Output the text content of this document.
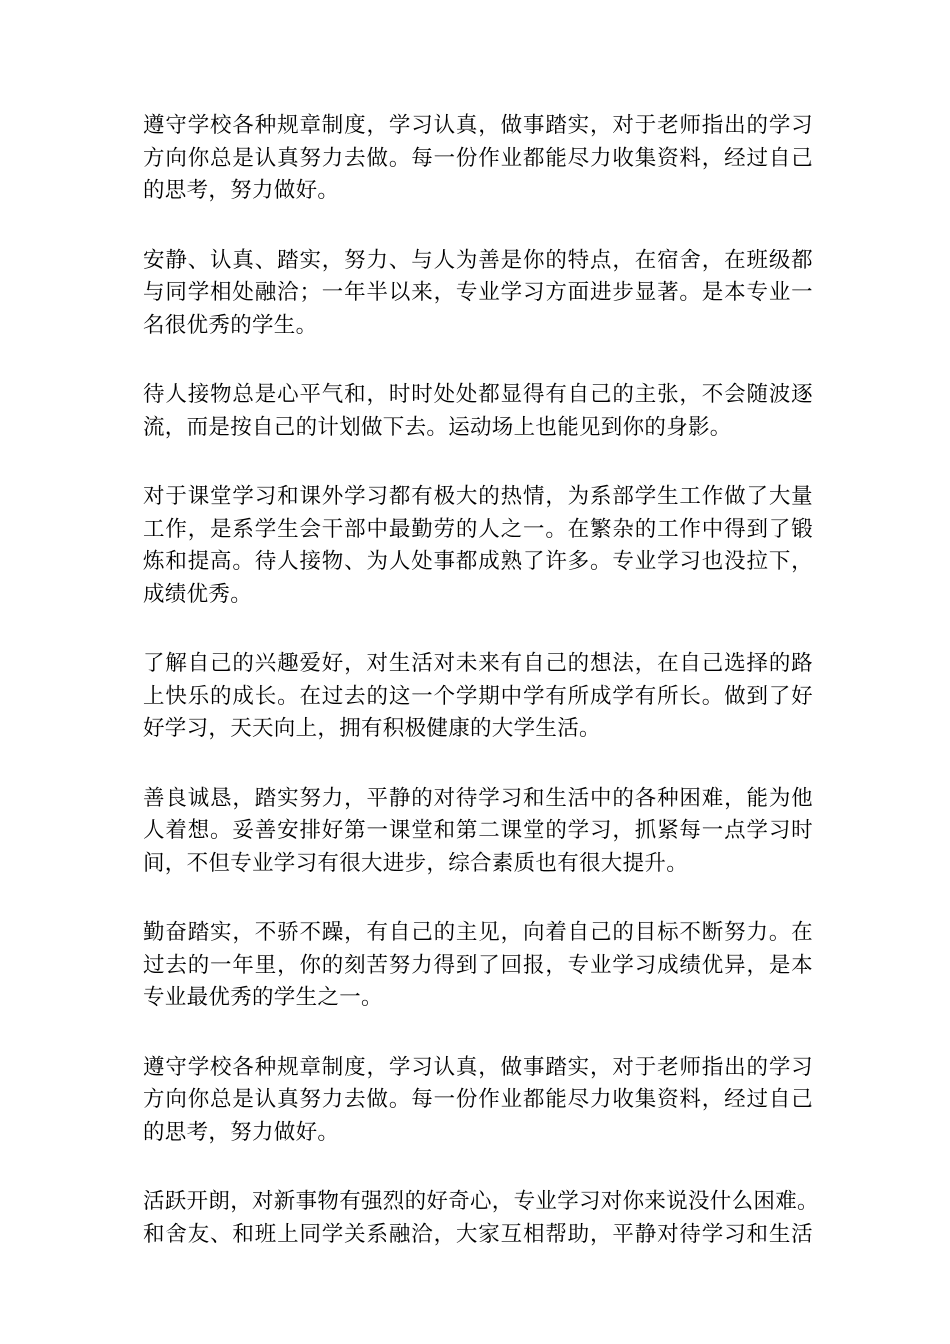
遵守学校各种规章制度，学习认真，做事踏实，对于老师指出的学习
方向你总是认真努力去做。每一份作业都能尽力收集资料，经过自己
的思考，努力做好。

安静、认真、踏实，努力、与人为善是你的特点，在宿舍，在班级都
与同学相处融洽；一年半以来，专业学习方面进步显著。是本专业一
名很优秀的学生。

待人接物总是心平气和，时时处处都显得有自己的主张，不会随波逐
流，而是按自己的计划做下去。运动场上也能见到你的身影。

对于课堂学习和课外学习都有极大的热情，为系部学生工作做了大量
工作，是系学生会干部中最勤劳的人之一。在繁杂的工作中得到了锻
炼和提高。待人接物、为人处事都成熟了许多。专业学习也没拉下，
成绩优秀。

了解自己的兴趣爱好，对生活对未来有自己的想法，在自己选择的路
上快乐的成长。在过去的这一个学期中学有所成学有所长。做到了好
好学习，天天向上，拥有积极健康的大学生活。

善良诚恳，踏实努力，平静的对待学习和生活中的各种困难，能为他
人着想。妥善安排好第一课堂和第二课堂的学习，抓紧每一点学习时
间，不但专业学习有很大进步，综合素质也有很大提升。

勤奋踏实，不骄不躁，有自己的主见，向着自己的目标不断努力。在
过去的一年里，你的刻苦努力得到了回报，专业学习成绩优异，是本
专业最优秀的学生之一。

遵守学校各种规章制度，学习认真，做事踏实，对于老师指出的学习
方向你总是认真努力去做。每一份作业都能尽力收集资料，经过自己
的思考，努力做好。

活跃开朗，对新事物有强烈的好奇心，专业学习对你来说没什么困难。
和舍友、和班上同学关系融洽，大家互相帮助，平静对待学习和生活
